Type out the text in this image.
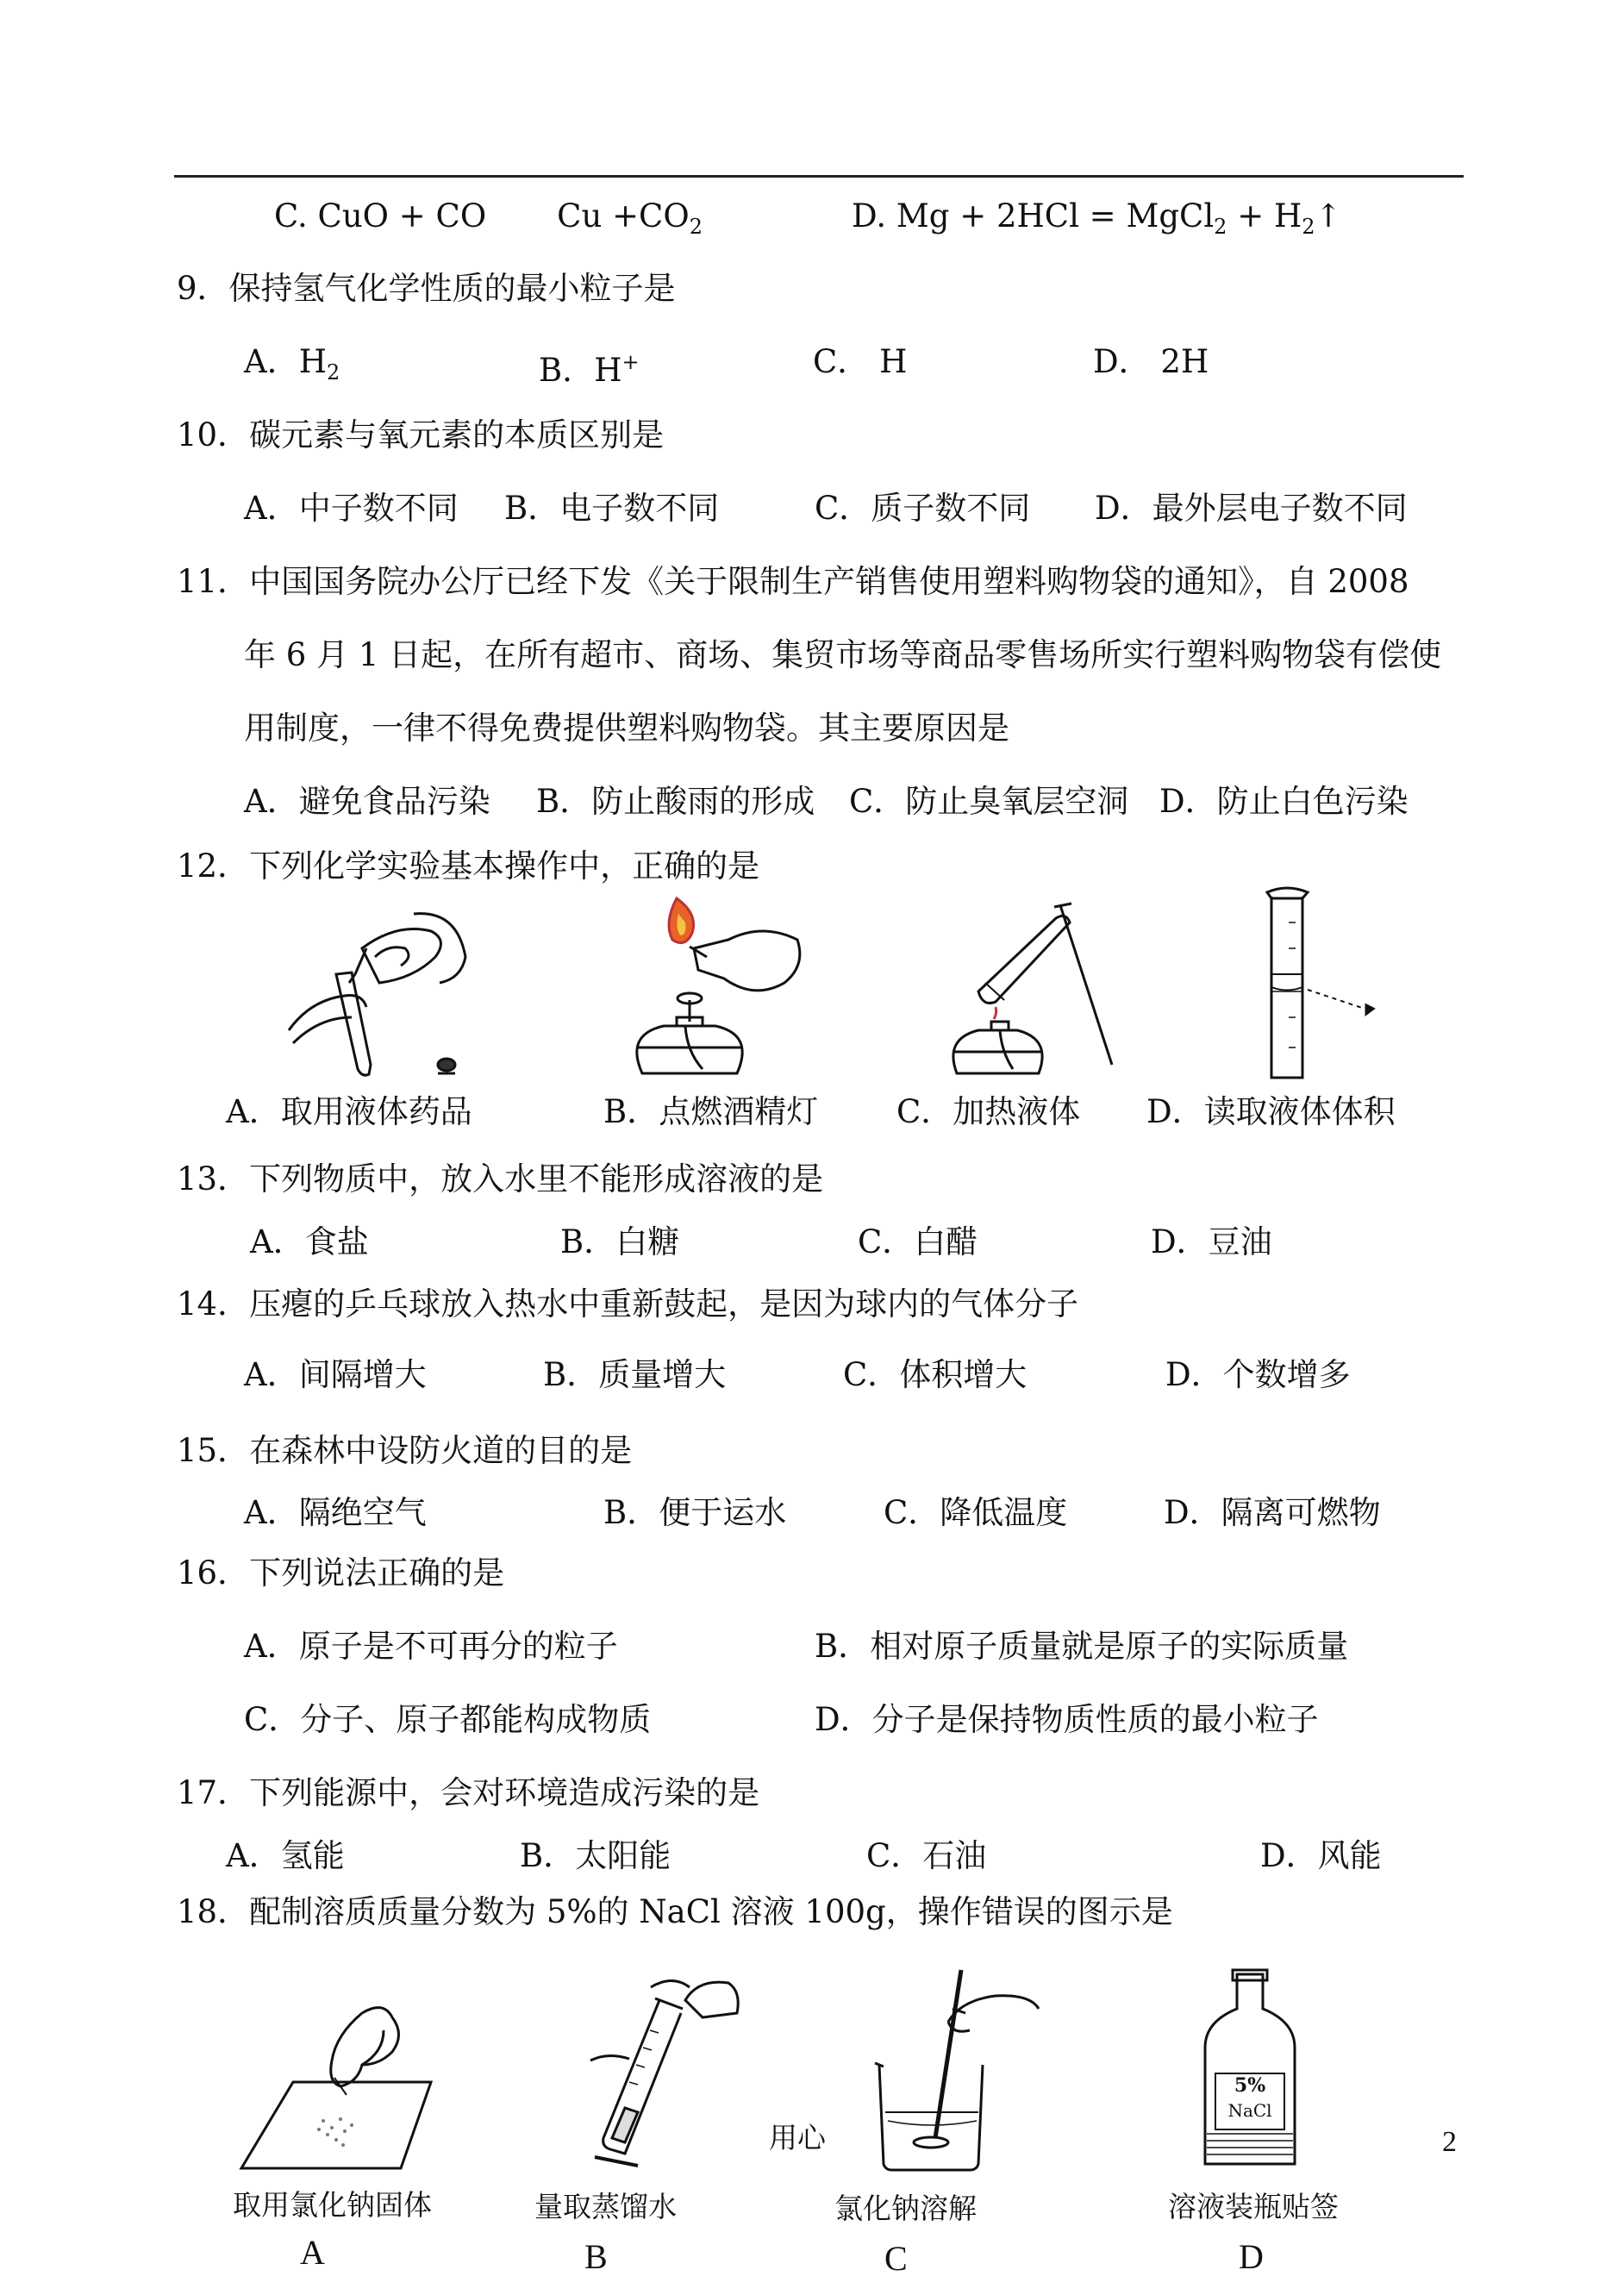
C. CuO + CO $Cu +CO_2$	D. Mg + 2HCl = MgCl$_2$ + $H_2↑$
9．保持氢气化学性质的最小粒子是
A．$H_2$	B．H+	C． H	D． 2H
10．碳元素与氧元素的本质区别是
A．中子数不同 B．电子数不同	C．质子数不同 D．最外层电子数不同
11．中国国务院办公厅已经下发《关于限制生产销售使用塑料购物袋的通知》，自 2008
年 6 月 1 日起，在所有超市、商场、集贸市场等商品零售场所实行塑料购物袋有偿使
用制度，一律不得免费提供塑料购物袋。其主要原因是
A．避免食品污染 B．防止酸雨的形成 C．防止臭氧层空洞 D．防止白色污染
12．下列化学实验基本操作中，正确的是
A．取用液体药品	B．点燃酒精灯 C．加热液体 D．读取液体体积
13．下列物质中，放入水里不能形成溶液的是
A．食盐	B．白糖	C．白醋	D．豆油
14．压瘪的乒乓球放入热水中重新鼓起，是因为球内的气体分子
A．间隔增大	B．质量增大	C．体积增大	D．个数增多
15．在森林中设防火道的目的是
A．隔绝空气	B．便于运水	C．降低温度	D．隔离可燃物
16．下列说法正确的是
A．原子是不可再分的粒子	B．相对原子质量就是原子的实际质量
C．分子、原子都能构成物质	D．分子是保持物质性质的最小粒子
17．下列能源中，会对环境造成污染的是
A．氢能	B．太阳能	C．石油	D．风能
18．配制溶质质量分数为 5%的 NaCl 溶液 100g，操作错误的图示是
5%
NaCl
取用氯化钠固体	量取蒸馏水	氯化钠溶解	溶液装瓶贴签
A	B	C	D
用心	2
